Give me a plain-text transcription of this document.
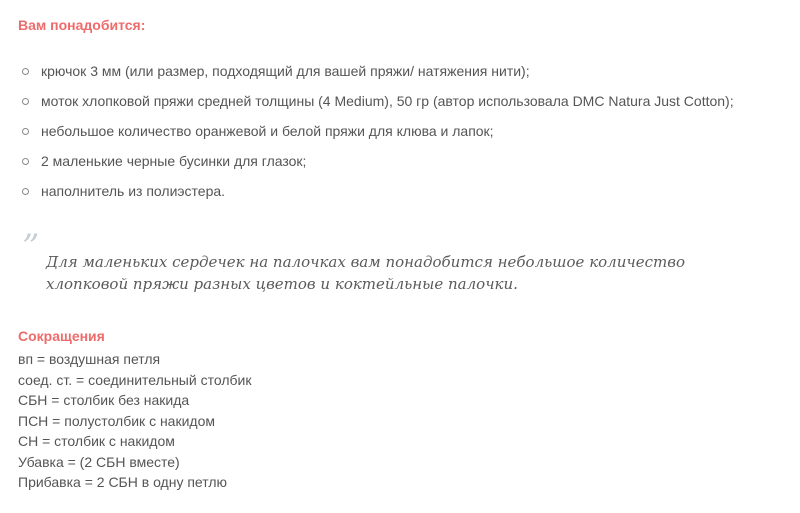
Вам понадобится:
крючок 3 мм (или размер, подходящий для вашей пряжи/ натяжения нити);
моток хлопковой пряжи средней толщины (4 Medium), 50 гр (автор использовала DMC Natura Just Cotton);
небольшое количество оранжевой и белой пряжи для клюва и лапок;
2 маленькие черные бусинки для глазок;
наполнитель из полиэстера.
” Для маленьких сердечек на палочках вам понадобится небольшое количество хлопковой пряжи разных цветов и коктейльные палочки.
Сокращения
вп = воздушная петля
соед. ст. = соединительный столбик
СБН = столбик без накида
ПСН = полустолбик с накидом
СН = столбик с накидом
Убавка = (2 СБН вместе)
Прибавка = 2 СБН в одну петлю
